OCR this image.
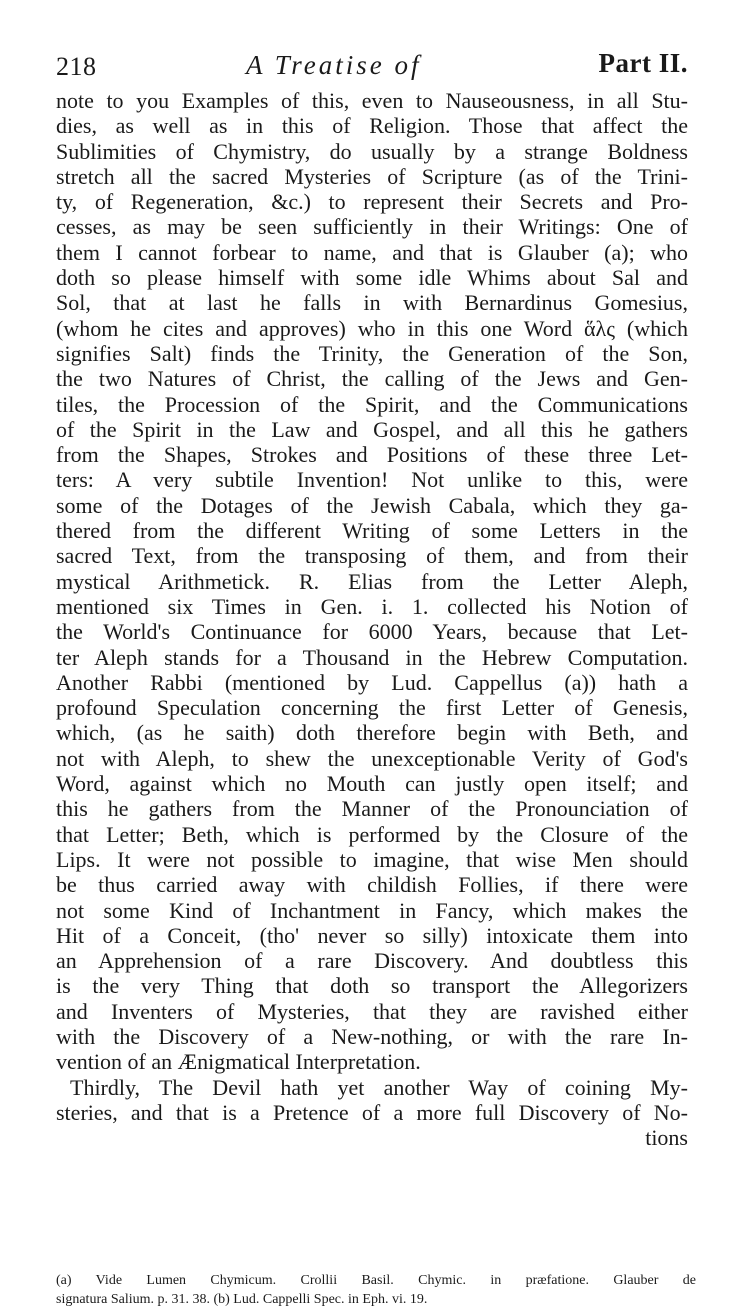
218	A Treatise of	Part II.
note to you Examples of this, even to Nauseousness, in all Stu-
dies, as well as in this of Religion. Those that affect the
Sublimities of Chymistry, do usually by a strange Boldness
stretch all the sacred Mysteries of Scripture (as of the Trini-
ty, of Regeneration, &c.) to represent their Secrets and Pro-
cesses, as may be seen sufficiently in their Writings: One of
them I cannot forbear to name, and that is Glauber (a); who
doth so please himself with some idle Whims about Sal and
Sol, that at last he falls in with Bernardinus Gomesius,
(whom he cites and approves) who in this one Word ἅλς (which
signifies Salt) finds the Trinity, the Generation of the Son,
the two Natures of Christ, the calling of the Jews and Gen-
tiles, the Procession of the Spirit, and the Communications
of the Spirit in the Law and Gospel, and all this he gathers
from the Shapes, Strokes and Positions of these three Let-
ters: A very subtile Invention! Not unlike to this, were
some of the Dotages of the Jewish Cabala, which they ga-
thered from the different Writing of some Letters in the
sacred Text, from the transposing of them, and from their
mystical Arithmetick. R. Elias from the Letter Aleph,
mentioned six Times in Gen. i. 1. collected his Notion of
the World's Continuance for 6000 Years, because that Let-
ter Aleph stands for a Thousand in the Hebrew Computation.
Another Rabbi (mentioned by Lud. Cappellus (a)) hath a
profound Speculation concerning the first Letter of Genesis,
which, (as he saith) doth therefore begin with Beth, and
not with Aleph, to shew the unexceptionable Verity of God's
Word, against which no Mouth can justly open itself; and
this he gathers from the Manner of the Pronounciation of
that Letter; Beth, which is performed by the Closure of the
Lips. It were not possible to imagine, that wise Men should
be thus carried away with childish Follies, if there were
not some Kind of Inchantment in Fancy, which makes the
Hit of a Conceit, (tho' never so silly) intoxicate them into
an Apprehension of a rare Discovery. And doubtless this
is the very Thing that doth so transport the Allegorizers
and Inventers of Mysteries, that they are ravished either
with the Discovery of a New-nothing, or with the rare In-
vention of an Ænigmatical Interpretation.
Thirdly, The Devil hath yet another Way of coining My-
steries, and that is a Pretence of a more full Discovery of No-
tions
(a) Vide Lumen Chymicum. Crollii Basil. Chymic. in præfatione. Glauber de
signatura Salium. p. 31. 38. (b) Lud. Cappelli Spec. in Eph. vi. 19.
